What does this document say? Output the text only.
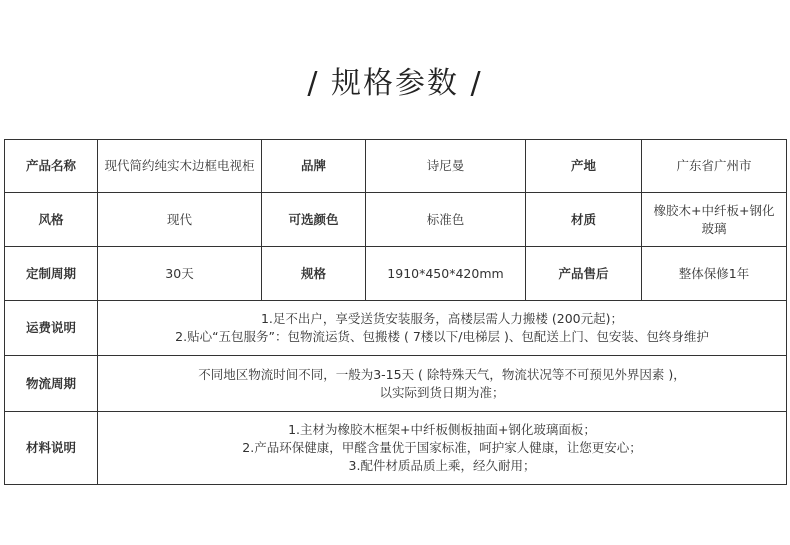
/ 规格参数 /
产品名称	现代简约纯实木边框电视柜	品牌	诗尼曼	产地	广东省广州市
风格	现代	可选颜色	标准色	材质	橡胶木+中纤板+钢化玻璃
定制周期	30天	规格	1910*450*420mm	产品售后	整体保修1年
运费说明	1.足不出户，享受送货安装服务，高楼层需人力搬楼 (200元起)；
2.贴心“五包服务”：包物流运货、包搬楼 ( 7楼以下/电梯层 )、包配送上门、包安装、包终身维护				

物流周期	不同地区物流时间不同，一般为3-15天 ( 除特殊天气，物流状况等不可预见外界因素 )，
以实际到货日期为准；				

材料说明	1.主材为橡胶木框架+中纤板侧板抽面+钢化玻璃面板；
2.产品环保健康，甲醛含量优于国家标准，呵护家人健康，让您更安心；
3.配件材质品质上乘，经久耐用；				
